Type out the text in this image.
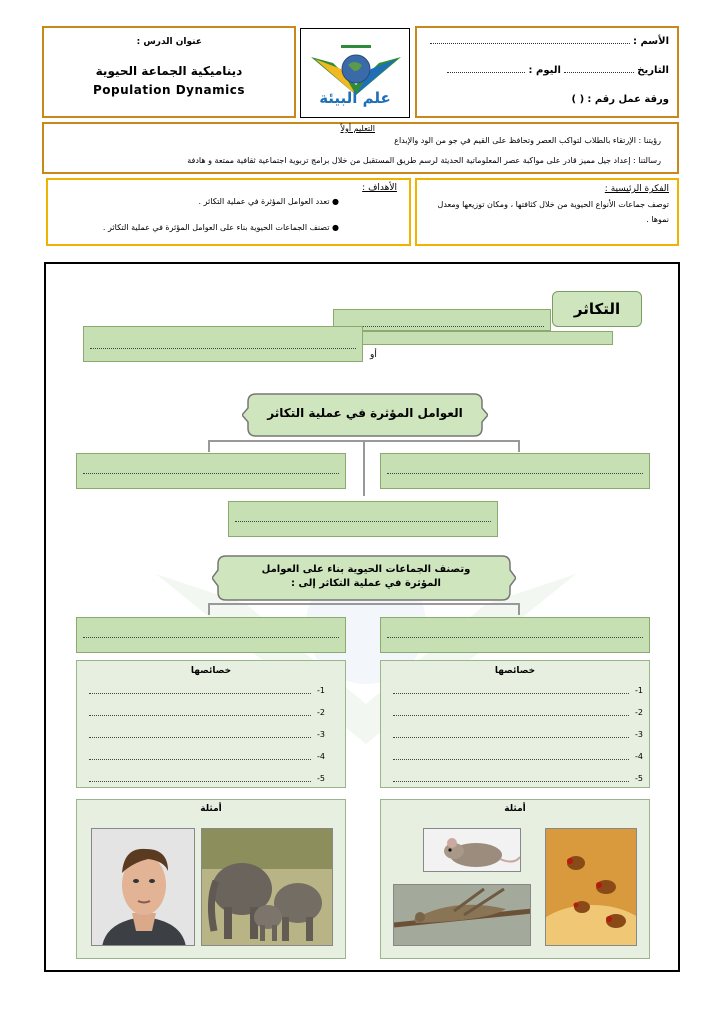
الأسم :
التاريخ  اليوم :
ورقة عمل رقم : ( )
علم البيئة
عنوان الدرس :
ديناميكية الجماعة الحيوية
Population Dynamics
التعليم أولاً
رؤيتنا : الإرتقاء بالطلاب لتواكب العصر وتحافظ على القيم في جو من الود والإبداع
رسالتنا : إعداد جيل مميز قادر على مواكبة عصر المعلوماتية الحديثة لرسم طريق المستقبل من خلال برامج تربوية اجتماعية ثقافية ممتعة و هادفة
الفكرة الرئيسية :
توصف جماعات الأنواع الحيوية من خلال كثافتها ، ومكان توزيعها ومعدل نموها .
الأهداف :
● تعدد العوامل المؤثرة في عملية التكاثر .
● تصنف الجماعات الحيوية بناء على العوامل المؤثرة في عملية التكاثر .
التكاثر
أو
العوامل المؤثرة في عملية التكاثر
وتصنف الجماعات الحيوية بناء على العوامل المؤثرة في عملية التكاثر إلى :
خصائصها
-1
-2
-3
-4
-5
خصائصها
-1
-2
-3
-4
-5
أمثلة	أمثلة
